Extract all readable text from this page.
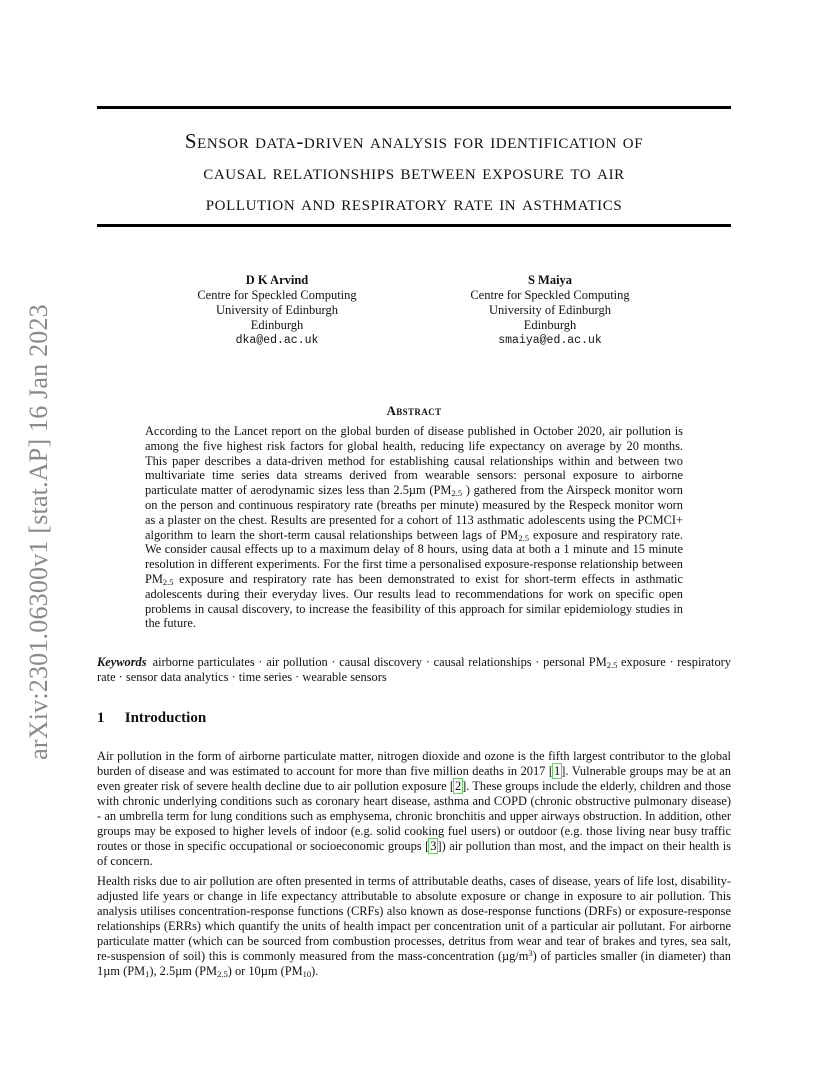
arXiv:2301.06300v1 [stat.AP] 16 Jan 2023
Sensor data-driven analysis for identification of
causal relationships between exposure to air
pollution and respiratory rate in asthmatics
D K Arvind
Centre for Speckled Computing
University of Edinburgh
Edinburgh
dka@ed.ac.uk
S Maiya
Centre for Speckled Computing
University of Edinburgh
Edinburgh
smaiya@ed.ac.uk
Abstract
According to the Lancet report on the global burden of disease published in October 2020, air pollution is among the five highest risk factors for global health, reducing life expectancy on average by 20 months. This paper describes a data-driven method for establishing causal relationships within and between two multivariate time series data streams derived from wearable sensors: personal exposure to airborne particulate matter of aerodynamic sizes less than 2.5µm ($PM_{2.5}$ ) gathered from the Airspeck monitor worn on the person and continuous respiratory rate (breaths per minute) measured by the Respeck monitor worn as a plaster on the chest. Results are presented for a cohort of 113 asthmatic adolescents using the PCMCI+ algorithm to learn the short-term causal relationships between lags of $PM_{2.5}$ exposure and respiratory rate. We consider causal effects up to a maximum delay of 8 hours, using data at both a 1 minute and 15 minute resolution in different experiments. For the first time a personalised exposure-response relationship between $PM_{2.5}$ exposure and respiratory rate has been demonstrated to exist for short-term effects in asthmatic adolescents during their everyday lives. Our results lead to recommendations for work on specific open problems in causal discovery, to increase the feasibility of this approach for similar epidemiology studies in the future.
Keywords airborne particulates · air pollution · causal discovery · causal relationships · personal $PM_{2.5}$ exposure · respiratory rate · sensor data analytics · time series · wearable sensors
1 Introduction
Air pollution in the form of airborne particulate matter, nitrogen dioxide and ozone is the fifth largest contributor to the global burden of disease and was estimated to account for more than five million deaths in 2017 [1]. Vulnerable groups may be at an even greater risk of severe health decline due to air pollution exposure [2]. These groups include the elderly, children and those with chronic underlying conditions such as coronary heart disease, asthma and COPD (chronic obstructive pulmonary disease) - an umbrella term for lung conditions such as emphysema, chronic bronchitis and upper airways obstruction. In addition, other groups may be exposed to higher levels of indoor (e.g. solid cooking fuel users) or outdoor (e.g. those living near busy traffic routes or those in specific occupational or socioeconomic groups [3]) air pollution than most, and the impact on their health is of concern.
Health risks due to air pollution are often presented in terms of attributable deaths, cases of disease, years of life lost, disability-adjusted life years or change in life expectancy attributable to absolute exposure or change in exposure to air pollution. This analysis utilises concentration-response functions (CRFs) also known as dose-response functions (DRFs) or exposure-response relationships (ERRs) which quantify the units of health impact per concentration unit of a particular air pollutant. For airborne particulate matter (which can be sourced from combustion processes, detritus from wear and tear of brakes and tyres, sea salt, re-suspension of soil) this is commonly measured from the mass-concentration $(\mu g/m^3)$ of particles smaller (in diameter) than 1µm $(PM_1)$, 2.5µm $(PM_{2.5})$ or 10µm $(PM_{10})$.
